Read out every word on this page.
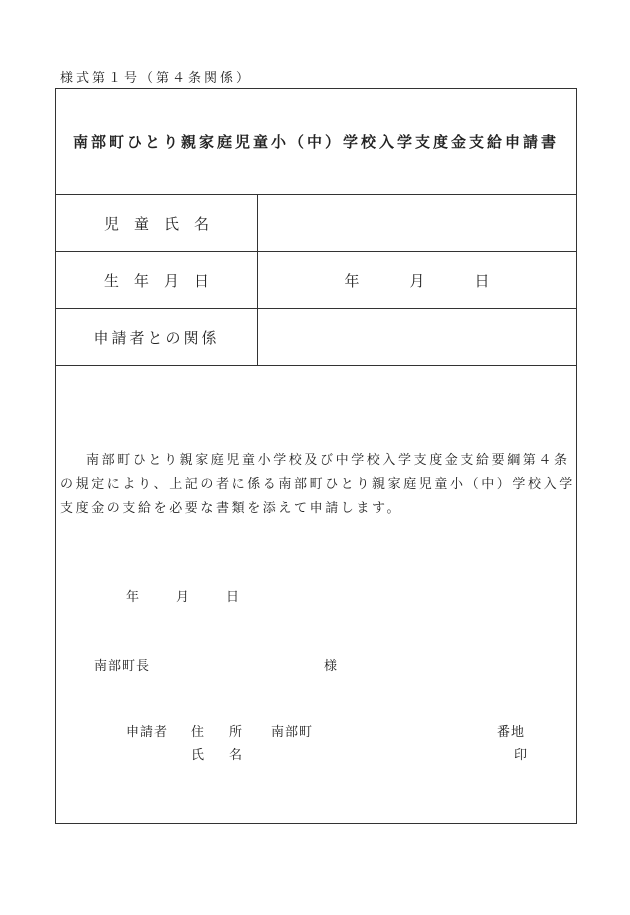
様式第１号（第４条関係）
南部町ひとり親家庭児童小（中）学校入学支度金支給申請書
児　童　氏　名
生　年　月　日	年	月	日
申請者との関係

南部町ひとり親家庭児童小学校及び中学校入学支度金支給要綱第４条の規定により、上記の者に係る南部町ひとり親家庭児童小（中）学校入学支度金の支給を必要な書類を添えて申請します。

年	月	日
南部町長	様
申請者 住　所 南部町	番地
氏　名	印
